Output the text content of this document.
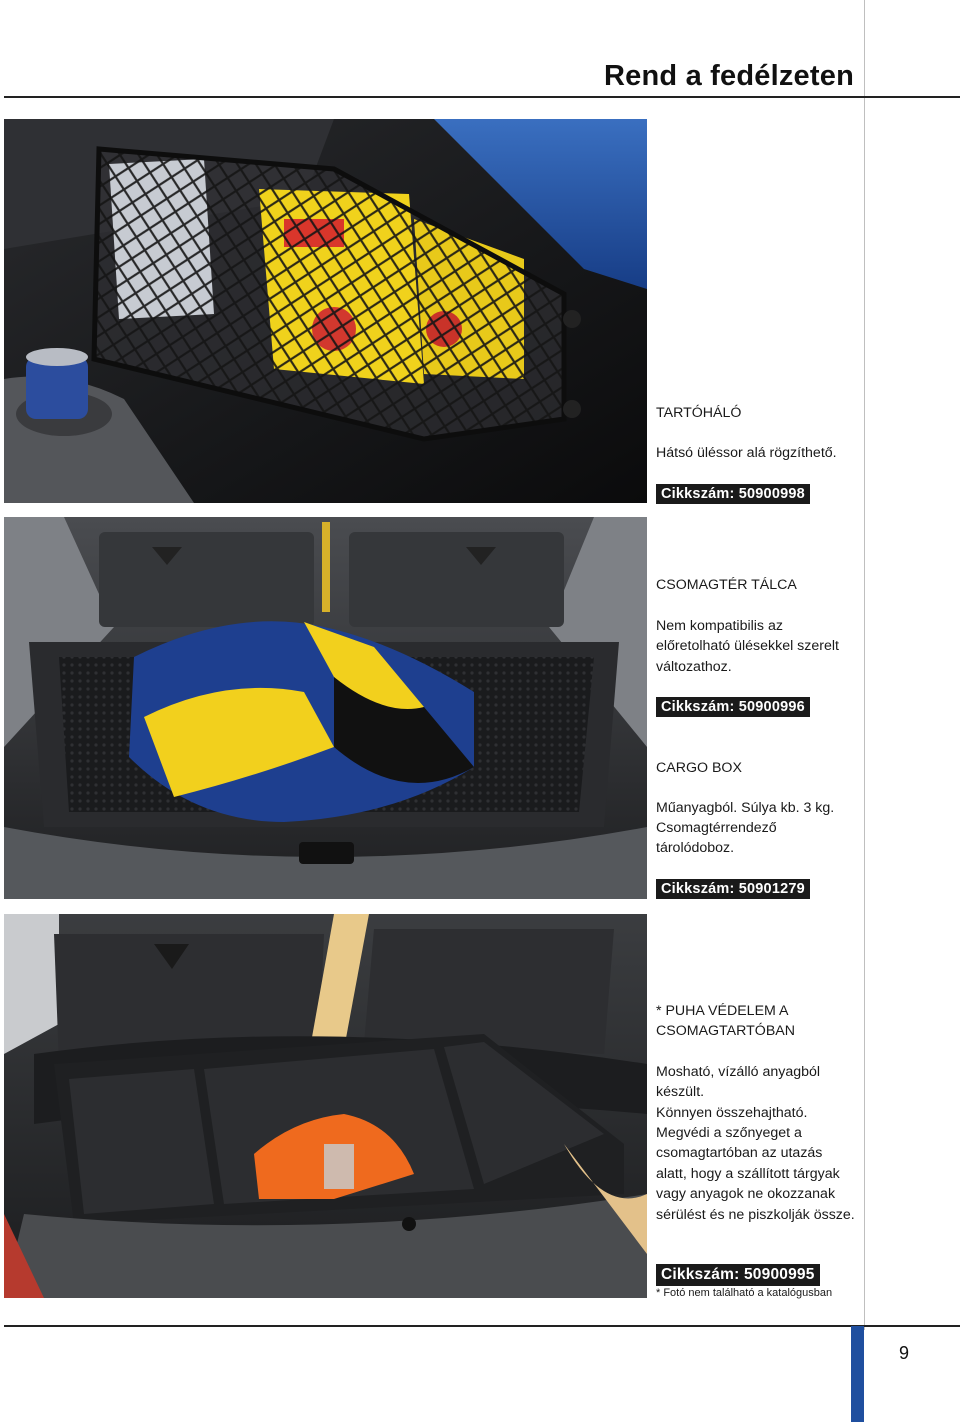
Rend a fedélzeten
TARTÓHÁLÓ
Hátsó üléssor alá rögzíthető.
Cikkszám: 50900998
CSOMAGTÉR TÁLCA
Nem kompatibilis az előretolható ülésekkel szerelt változathoz.
Cikkszám: 50900996
CARGO BOX
Műanyagból. Súlya kb. 3 kg.
Csomagtérrendező tárolódoboz.
Cikkszám: 50901279
* PUHA VÉDELEM A CSOMAGTARTÓBAN
Mosható, vízálló anyagból készült.
Könnyen összehajtható.
Megvédi a szőnyeget a csomagtartóban az utazás alatt, hogy a szállított tárgyak vagy anyagok ne okozzanak sérülést és ne piszkolják össze.
Cikkszám: 50900995
* Fotó nem található a katalógusban
9
